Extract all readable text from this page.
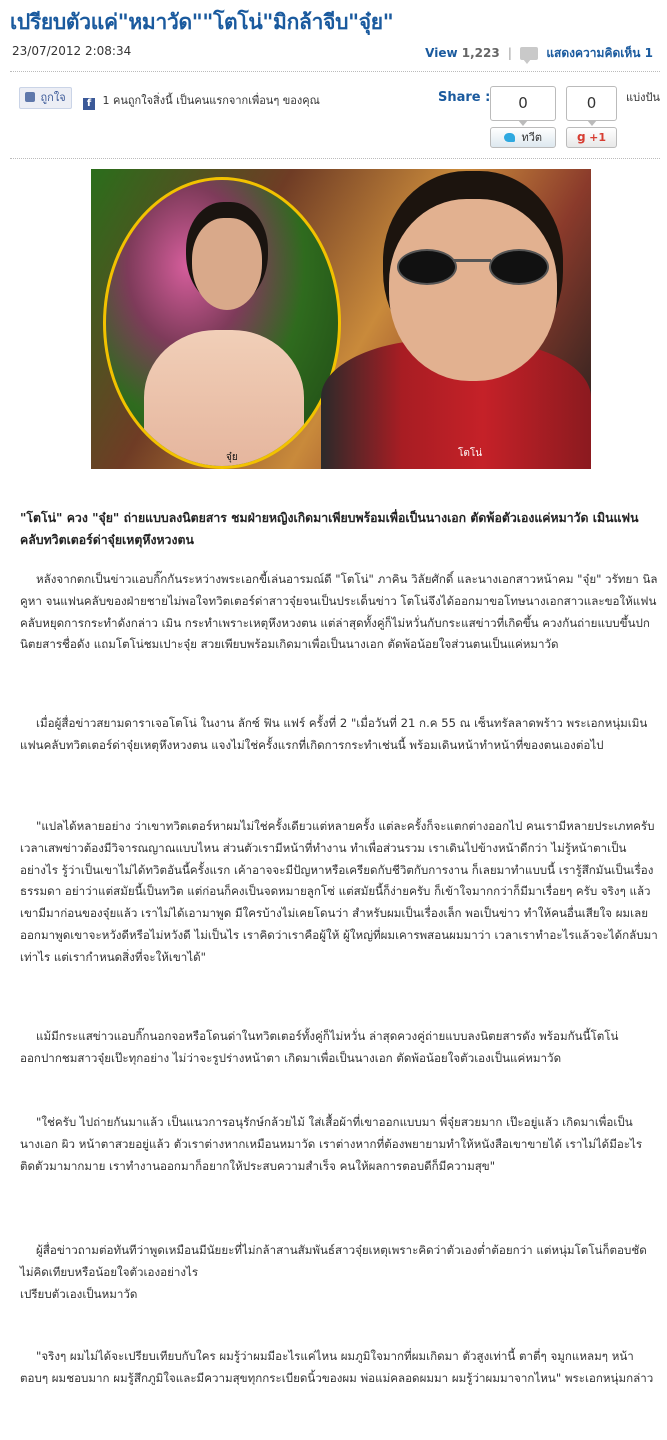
เปรียบตัวแค่"หมาวัด""โตโน่"มิกล้าจีบ"จุ๋ย"
23/07/2012 2:08:34	View 1,223 |	แสดงความคิดเห็น 1
ถูกใจ	f 1 คนถูกใจสิ่งนี้ เป็นคนแรกจากเพื่อนๆ ของคุณ	Share :	0	0
ทวีต	g +1
แบ่งปัน
จุ๋ย	โตโน่
"โตโน่" ควง "จุ๋ย" ถ่ายแบบลงนิตยสาร ชมฝ่ายหญิงเกิดมาเพียบพร้อมเพื่อเป็นนางเอก ตัดพ้อตัวเองแค่หมาวัด เมินแฟนคลับทวิตเตอร์ด่าจุ๋ยเหตุหึงหวงตน
หลังจากตกเป็นข่าวแอบกิ๊กกันระหว่างพระเอกขี้เล่นอารมณ์ดี "โตโน่" ภาคิน วิลัยศักดิ์ และนางเอกสาวหน้าคม "จุ๋ย" วรัทยา นิลคูหา จนแฟนคลับของฝ่ายชายไม่พอใจทวิตเตอร์ด่าสาวจุ๋ยจนเป็นประเด็นข่าว โตโน่จึงได้ออกมาขอโทษนางเอกสาวและขอให้แฟนคลับหยุดการกระทำดังกล่าว เมิน กระทำเพราะเหตุหึงหวงตน แต่ล่าสุดทั้งคู่ก็ไม่หวั่นกับกระแสข่าวที่เกิดขึ้น ควงกันถ่ายแบบขึ้นปกนิตยสารชื่อดัง แถมโตโน่ชมเปาะจุ๋ย สวยเพียบพร้อมเกิดมาเพื่อเป็นนางเอก ตัดพ้อน้อยใจส่วนตนเป็นแค่หมาวัด
เมื่อผู้สื่อข่าวสยามดาราเจอโตโน่ ในงาน ลักซ์ ฟิน แฟร์ ครั้งที่ 2 "เมื่อวันที่ 21 ก.ค 55 ณ เซ็นทรัลลาดพร้าว พระเอกหนุ่มเมินแฟนคลับทวิตเตอร์ด่าจุ๋ยเหตุหึงหวงตน แจงไม่ใช่ครั้งแรกที่เกิดการกระทำเช่นนี้ พร้อมเดินหน้าทำหน้าที่ของตนเองต่อไป
"แปลได้หลายอย่าง ว่าเขาทวิตเตอร์หาผมไม่ใช่ครั้งเดียวแต่หลายครั้ง แต่ละครั้งก็จะแตกต่างออกไป คนเรามีหลายประเภทครับ เวลาเสพข่าวต้องมีวิจารณญาณแบบไหน ส่วนตัวเรามีหน้าที่ทำงาน ทำเพื่อส่วนรวม เราเดินไปข้างหน้าดีกว่า ไม่รู้หน้าตาเป็นอย่างไร รู้ว่าเป็นเขาไม่ได้ทวิตอันนี้ครั้งแรก เค้าอาจจะมีปัญหาหรือเครียดกับชีวิตกับการงาน ก็เลยมาทำแบบนี้ เรารู้สึกมันเป็นเรื่องธรรมดา อย่าว่าแต่สมัยนี้เป็นทวิต แต่ก่อนก็คงเป็นจดหมายลูกโซ่ แต่สมัยนี้ก็ง่ายครับ ก็เข้าใจมากกว่าก็มีมาเรื่อยๆ ครับ จริงๆ แล้วเขามีมาก่อนของจุ๋ยแล้ว เราไม่ได้เอามาพูด มีใครบ้างไม่เคยโดนว่า สำหรับผมเป็นเรื่องเล็ก พอเป็นข่าว ทำให้คนอื่นเสียใจ ผมเลยออกมาพูดเขาจะหวังดีหรือไม่หวังดี ไม่เป็นไร เราคิดว่าเราคือผู้ให้ ผู้ใหญ่ที่ผมเคารพสอนผมมาว่า เวลาเราทำอะไรแล้วจะได้กลับมาเท่าไร แต่เรากำหนดสิ่งที่จะให้เขาได้"
แม้มีกระแสข่าวแอบกิ๊กนอกจอหรือโดนด่าในทวิตเตอร์ทั้งคู่ก็ไม่หวั่น ล่าสุดควงคู่ถ่ายแบบลงนิตยสารดัง พร้อมกันนี้โตโน่ออกปากชมสาวจุ๋ยเป๊ะทุกอย่าง ไม่ว่าจะรูปร่างหน้าตา เกิดมาเพื่อเป็นนางเอก ตัดพ้อน้อยใจตัวเองเป็นแค่หมาวัด
"ใช่ครับ ไปถ่ายกันมาแล้ว เป็นแนวการอนุรักษ์กล้วยไม้ ใส่เสื้อผ้าที่เขาออกแบบมา พี่จุ๋ยสวยมาก เป๊ะอยู่แล้ว เกิดมาเพื่อเป็นนางเอก ผิว หน้าตาสวยอยู่แล้ว ตัวเราต่างหากเหมือนหมาวัด เราต่างหากที่ต้องพยายามทำให้หนังสือเขาขายได้ เราไม่ได้มีอะไรติดตัวมามากมาย เราทำงานออกมาก็อยากให้ประสบความสำเร็จ คนให้ผลการตอบดีก็มีความสุข"
ผู้สื่อข่าวถามต่อทันทีว่าพูดเหมือนมีนัยยะที่ไม่กล้าสานสัมพันธ์สาวจุ๋ยเหตุเพราะคิดว่าตัวเองต่ำต้อยกว่า แต่หนุ่มโตโน่ก็ตอบชัดไม่คิดเทียบหรือน้อยใจตัวเองอย่างไร
เปรียบตัวเองเป็นหมาวัด
"จริงๆ ผมไม่ได้จะเปรียบเทียบกับใคร ผมรู้ว่าผมมีอะไรแค่ไหน ผมภูมิใจมากที่ผมเกิดมา ตัวสูงเท่านี้ ตาตี่ๆ จมูกแหลมๆ หน้าตอบๆ ผมชอบมาก ผมรู้สึกภูมิใจและมีความสุขทุกกระเบียดนิ้วของผม พ่อแม่คลอดผมมา ผมรู้ว่าผมมาจากไหน" พระเอกหนุ่มกล่าว
